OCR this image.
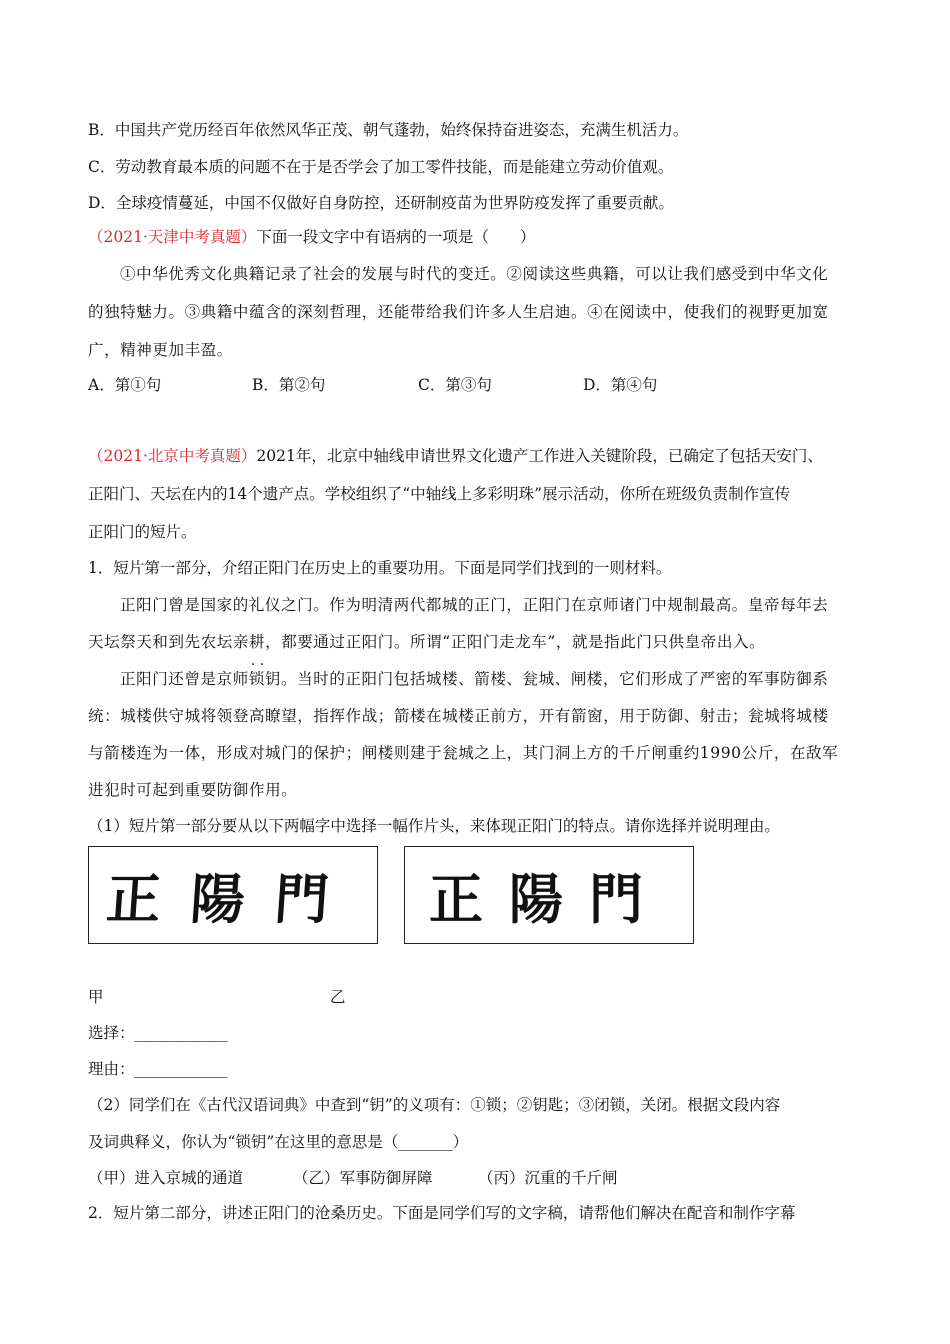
B．中国共产党历经百年依然风华正茂、朝气蓬勃，始终保持奋进姿态，充满生机活力。
C．劳动教育最本质的问题不在于是否学会了加工零件技能，而是能建立劳动价值观。
D．全球疫情蔓延，中国不仅做好自身防控，还研制疫苗为世界防疫发挥了重要贡献。
（2021·天津中考真题）下面一段文字中有语病的一项是（　　）
①中华优秀文化典籍记录了社会的发展与时代的变迁。②阅读这些典籍，可以让我们感受到中华文化
的独特魅力。③典籍中蕴含的深刻哲理，还能带给我们许多人生启迪。④在阅读中，使我们的视野更加宽
广，精神更加丰盈。
A．第①句	B．第②句	C．第③句	D．第④句
（2021·北京中考真题）2021年，北京中轴线申请世界文化遗产工作进入关键阶段，已确定了包括天安门、
正阳门、天坛在内的14个遗产点。学校组织了“中轴线上多彩明珠”展示活动，你所在班级负责制作宣传
正阳门的短片。
1．短片第一部分，介绍正阳门在历史上的重要功用。下面是同学们找到的一则材料。
正阳门曾是国家的礼仪之门。作为明清两代都城的正门，正阳门在京师诸门中规制最高。皇帝每年去
天坛祭天和到先农坛亲耕，都要通过正阳门。所谓“正阳门走龙车”，就是指此门只供皇帝出入。
正阳门还曾是京师· · 锁钥。当时的正阳门包括城楼、箭楼、瓮城、闸楼，它们形成了严密的军事防御系
统：城楼供守城将领登高瞭望，指挥作战；箭楼在城楼正前方，开有箭窗，用于防御、射击；瓮城将城楼
与箭楼连为一体，形成对城门的保护；闸楼则建于瓮城之上，其门洞上方的千斤闸重约1990公斤，在敌军
进犯时可起到重要防御作用。
（1）短片第一部分要从以下两幅字中选择一幅作片头，来体现正阳门的特点。请你选择并说明理由。
正陽門 正陽門
甲	乙
选择：____________
理由：____________
（2）同学们在《古代汉语词典》中查到“钥”的义项有：①锁；②钥匙；③闭锁，关闭。根据文段内容
及词典释义，你认为“锁钥”在这里的意思是（_______）
（甲）进入京城的通道	（乙）军事防御屏障	（丙）沉重的千斤闸
2．短片第二部分，讲述正阳门的沧桑历史。下面是同学们写的文字稿，请帮他们解决在配音和制作字幕
